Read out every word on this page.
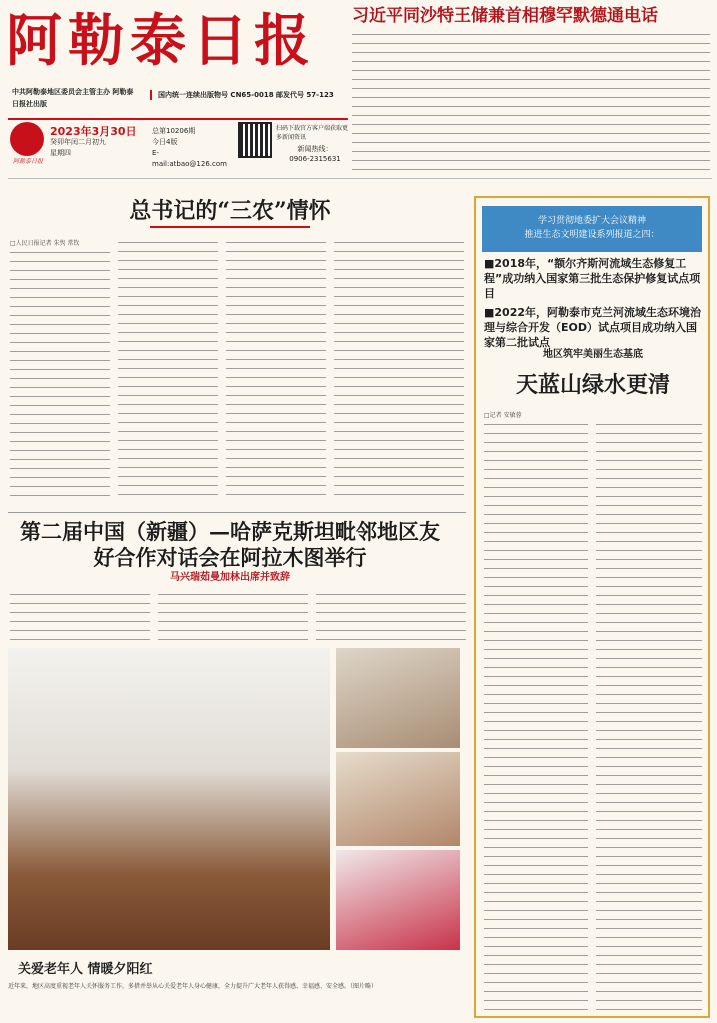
阿勒泰日报	习近平同沙特王储兼首相穆罕默德通电话
中共阿勒泰地区委员会主管主办 阿勒泰日报社出版
国内统一连续出版物号 CN65-0018 邮发代号 57-123
阿勒泰日报
2023年3月30日
癸卯年闰二月初九
星期四
总第10206期
今日4版
E-mail:atbao@126.com
扫码下载官方客户端获取更多新闻资讯
新闻热线：
0906-2315631
总书记的“三农”情怀
□人民日报记者 朱隽 常钦
第二届中国（新疆）—哈萨克斯坦毗邻地区友好合作对话会在阿拉木图举行
马兴瑞茹曼加林出席并致辞
关爱老年人 情暖夕阳红
近年来，地区高度重视老年人关怀服务工作，多措并举从心关爱老年人身心健康，全力提升广大老年人获得感、幸福感、安全感。（图片略）
学习贯彻地委扩大会议精神
推进生态文明建设系列报道之四：
■2018年，“额尔齐斯河流域生态修复工程”成功纳入国家第三批生态保护修复试点项目
■2022年，阿勒泰市克兰河流域生态环境治理与综合开发（EOD）试点项目成功纳入国家第二批试点
地区筑牢美丽生态基底
天蓝山绿水更清
□记者 安敏蓉
